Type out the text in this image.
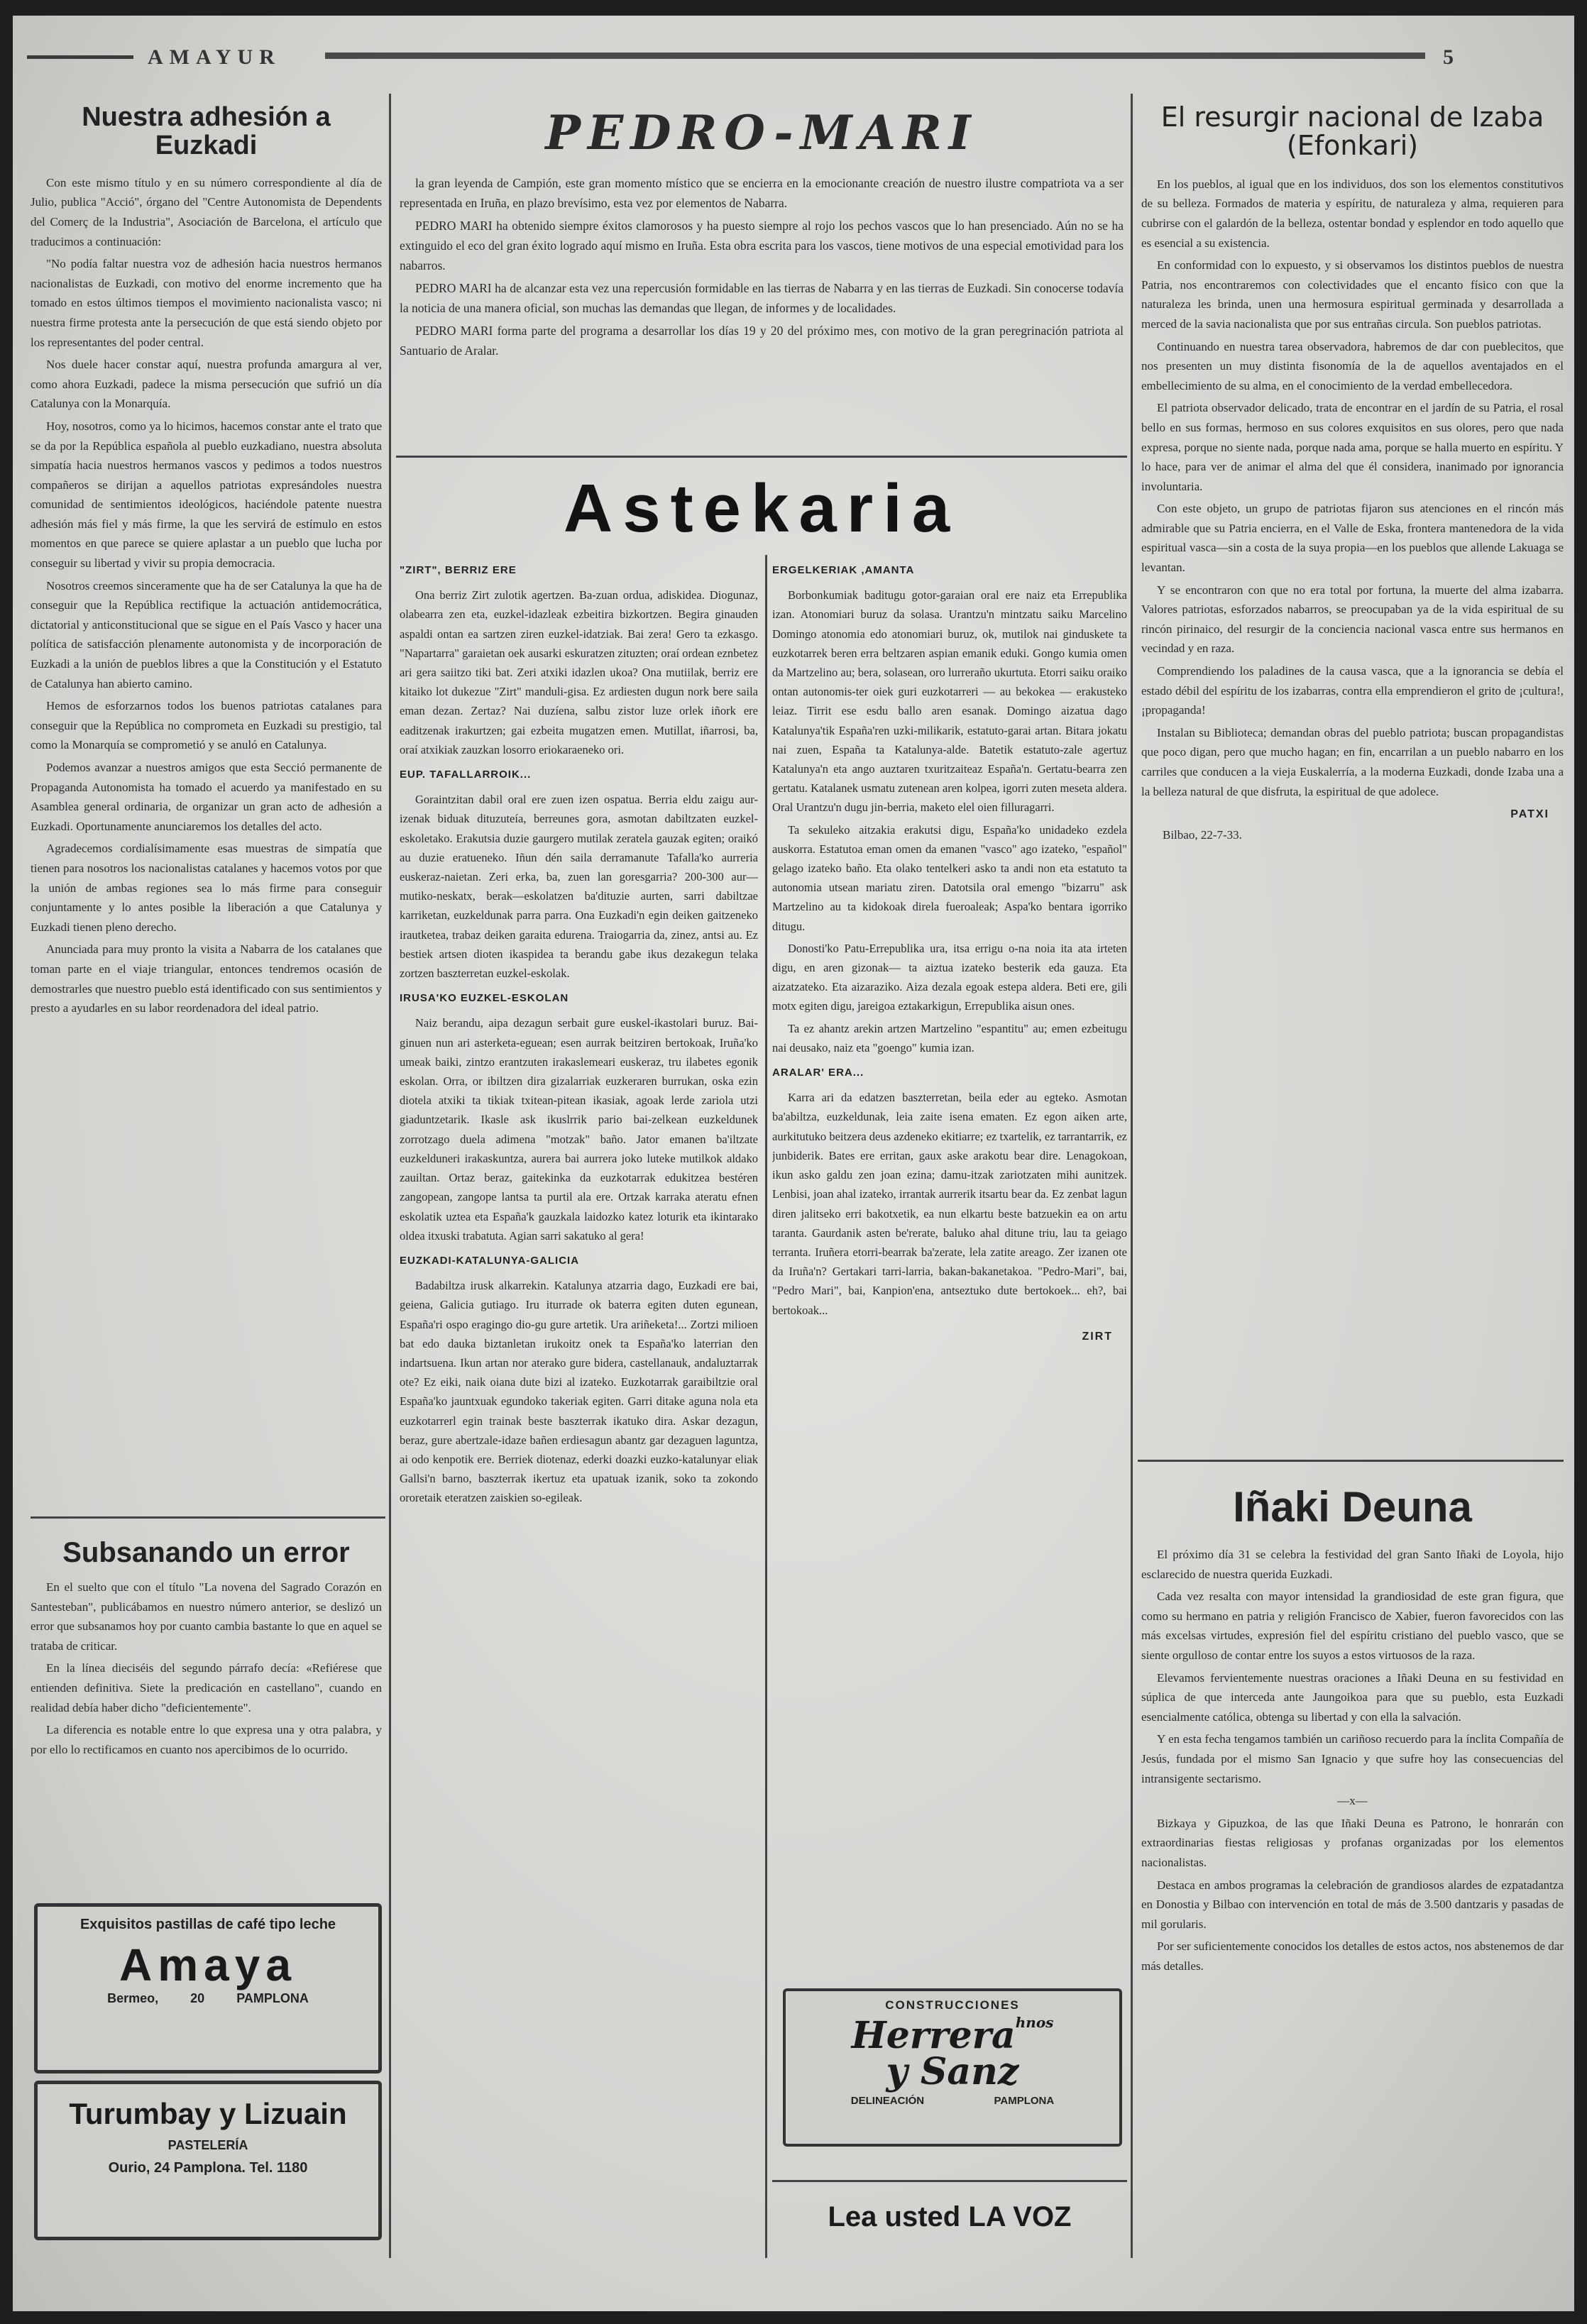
AMAYUR	5
Nuestra adhesión a Euzkadi

Con este mismo título y en su número correspondiente al día de Julio, publica "Acció", órgano del "Centre Autonomista de Dependents del Comerç de la Industria", Asociación de Barcelona, el artículo que traducimos a continuación:

"No podía faltar nuestra voz de adhesión hacia nuestros hermanos nacionalistas de Euzkadi, con motivo del enorme incremento que ha tomado en estos últimos tiempos el movimiento nacionalista vasco; ni nuestra firme protesta ante la persecución de que está siendo objeto por los representantes del poder central.

Nos duele hacer constar aquí, nuestra profunda amargura al ver, como ahora Euzkadi, padece la misma persecución que sufrió un día Catalunya con la Monarquía.

Hoy, nosotros, como ya lo hicimos, hacemos constar ante el trato que se da por la República española al pueblo euzkadiano, nuestra absoluta simpatía hacia nuestros hermanos vascos y pedimos a todos nuestros compañeros se dirijan a aquellos patriotas expresándoles nuestra comunidad de sentimientos ideológicos, haciéndole patente nuestra adhesión más fiel y más firme, la que les servirá de estímulo en estos momentos en que parece se quiere aplastar a un pueblo que lucha por conseguir su libertad y vivir su propia democracia.

Nosotros creemos sinceramente que ha de ser Catalunya la que ha de conseguir que la República rectifique la actuación antidemocrática, dictatorial y anticonstitucional que se sigue en el País Vasco y hacer una política de satisfacción plenamente autonomista y de incorporación de Euzkadi a la unión de pueblos libres a que la Constitución y el Estatuto de Catalunya han abierto camino.

Hemos de esforzarnos todos los buenos patriotas catalanes para conseguir que la República no comprometa en Euzkadi su prestigio, tal como la Monarquía se comprometió y se anuló en Catalunya.

Podemos avanzar a nuestros amigos que esta Secció permanente de Propaganda Autonomista ha tomado el acuerdo ya manifestado en su Asamblea general ordinaria, de organizar un gran acto de adhesión a Euzkadi. Oportunamente anunciaremos los detalles del acto.

Agradecemos cordialísimamente esas muestras de simpatía que tienen para nosotros los nacionalistas catalanes y hacemos votos por que la unión de ambas regiones sea lo más firme para conseguir conjuntamente y lo antes posible la liberación a que Catalunya y Euzkadi tienen pleno derecho.

Anunciada para muy pronto la visita a Nabarra de los catalanes que toman parte en el viaje triangular, entonces tendremos ocasión de demostrarles que nuestro pueblo está identificado con sus sentimientos y presto a ayudarles en su labor reordenadora del ideal patrio.

Subsanando un error

En el suelto que con el título "La novena del Sagrado Corazón en Santesteban", publicábamos en nuestro número anterior, se deslizó un error que subsanamos hoy por cuanto cambia bastante lo que en aquel se trataba de criticar.

En la línea dieciséis del segundo párrafo decía: «Refiérese que entienden definitiva. Siete la predicación en castellano", cuando en realidad debía haber dicho "deficientemente".

La diferencia es notable entre lo que expresa una y otra palabra, y por ello lo rectificamos en cuanto nos apercibimos de lo ocurrido.

Exquisitos pastillas de café tipo leche
Amaya
Bermeo, 20 PAMPLONA
Turumbay y Lizuain
PASTELERÍA
Ourio, 24 Pamplona. Tel. 1180
PEDRO-MARI

la gran leyenda de Campión, este gran momento místico que se encierra en la emocionante creación de nuestro ilustre compatriota va a ser representada en Iruña, en plazo brevísimo, esta vez por elementos de Nabarra.

PEDRO MARI ha obtenido siempre éxitos clamorosos y ha puesto siempre al rojo los pechos vascos que lo han presenciado. Aún no se ha extinguido el eco del gran éxito logrado aquí mismo en Iruña. Esta obra escrita para los vascos, tiene motivos de una especial emotividad para los nabarros.

PEDRO MARI ha de alcanzar esta vez una repercusión formidable en las tierras de Nabarra y en las tierras de Euzkadi. Sin conocerse todavía la noticia de una manera oficial, son muchas las demandas que llegan, de informes y de localidades.

PEDRO MARI forma parte del programa a desarrollar los días 19 y 20 del próximo mes, con motivo de la gran peregrinación patriota al Santuario de Aralar.

Astekaria
"ZIRT", BERRIZ ERE

Ona berriz Zirt zulotik agertzen. Ba-zuan ordua, adiskidea. Diogunaz, olabearra zen eta, euzkel-idazleak ezbeitira bizkortzen. Begira ginauden aspaldi ontan ea sartzen ziren euzkel-idatziak. Bai zera! Gero ta ezkasgo. "Napartarra" garaietan oek ausarki eskuratzen zituzten; oraí ordean eznbetez ari gera saiitzo tiki bat. Zeri atxiki idazlen ukoa? Ona mutiilak, berriz ere kitaiko lot dukezue "Zirt" manduli-gisa. Ez ardiesten dugun nork bere saila eman dezan. Zertaz? Nai duzíena, salbu zistor luze orlek iñork ere eaditzenak irakurtzen; gai ezbeita mugatzen emen. Mutillat, iñarrosi, ba, oraí atxikiak zauzkan losorro eriokaraeneko ori.

EUP. TAFALLARROIK...

Goraintzitan dabil oral ere zuen izen ospatua. Berria eldu zaigu aur-izenak biduak dituzuteía, berreunes gora, asmotan dabiltzaten euzkel-eskoletako. Erakutsia duzie gaurgero mutilak zeratela gauzak egiten; oraikó au duzie eratueneko. Iñun dén saila derramanute Tafalla'ko aurreria euskeraz-naietan. Zeri erka, ba, zuen lan goresgarria? 200-300 aur—mutiko-neskatx, berak—eskolatzen ba'dituzie aurten, sarri dabiltzae karriketan, euzkeldunak parra parra. Ona Euzkadi'n egin deiken gaitzeneko irautketea, trabaz deiken garaita edurena. Traiogarria da, zinez, antsi au. Ez bestiek artsen dioten ikaspidea ta berandu gabe ikus dezakegun telaka zortzen baszterretan euzkel-eskolak.

IRUSA'KO EUZKEL-ESKOLAN

Naiz berandu, aipa dezagun serbait gure euskel-ikastolari buruz. Bai-ginuen nun ari asterketa-eguean; esen aurrak beitziren bertokoak, Iruña'ko umeak baiki, zintzo erantzuten irakaslemeari euskeraz, tru ilabetes egonik eskolan. Orra, or ibiltzen dira gizalarriak euzkeraren burrukan, oska ezin diotela atxiki ta tikiak txitean-pitean ikasiak, agoak lerde zariola utzi giaduntzetarik. Ikasle ask ikuslrrik pario bai-zelkean euzkeldunek zorrotzago duela adimena "motzak" baño. Jator emanen ba'iltzate euzkelduneri irakaskuntza, aurera bai aurrera joko luteke mutilkok aldako zauiltan. Ortaz beraz, gaitekinka da euzkotarrak edukitzea bestéren zangopean, zangope lantsa ta purtil ala ere. Ortzak karraka ateratu efnen eskolatik uztea eta España'k gauzkala laidozko katez loturik eta ikintarako oldea itxuski trabatuta. Agian sarri sakatuko al gera!

EUZKADI-KATALUNYA-GALICIA

Badabiltza irusk alkarrekin. Katalunya atzarria dago, Euzkadi ere bai, geiena, Galicia gutiago. Iru iturrade ok baterra egiten duten egunean, España'ri ospo eragingo dio-gu gure artetik. Ura ariñeketa!... Zortzi milioen bat edo dauka biztanletan irukoitz onek ta España'ko laterrian den indartsuena. Ikun artan nor aterako gure bidera, castellanauk, andaluztarrak ote? Ez eiki, naik oiana dute bizi al izateko. Euzkotarrak garaibiltzie oral España'ko jauntxuak egundoko takeriak egiten. Garri ditake aguna nola eta euzkotarrerl egin trainak beste baszterrak ikatuko dira. Askar dezagun, beraz, gure abertzale-idaze bañen erdiesagun abantz gar dezaguen laguntza, ai odo kenpotik ere. Berriek diotenaz, ederki doazki euzko-katalunyar eliak Gallsi'n barno, baszterrak ikertuz eta upatuak izanik, soko ta zokondo ororetaik eteratzen zaiskien so-egileak.

ERGELKERIAK ,AMANTA

Borbonkumiak baditugu gotor-garaian oral ere naiz eta Errepublika izan. Atonomiari buruz da solasa. Urantzu'n mintzatu saiku Marcelino Domingo atonomia edo atonomiari buruz, ok, mutilok nai ginduskete ta euzkotarrek beren erra beltzaren aspian emanik eduki. Gongo kumia omen da Martzelino au; bera, solasean, oro lurreraño ukurtuta. Etorri saiku oraiko ontan autonomis-ter oiek guri euzkotarreri — au bekokea — erakusteko leiaz. Tirrit ese esdu ballo aren esanak. Domingo aizatua dago Katalunya'tik España'ren uzki-milikarik, estatuto-garai artan. Bitara jokatu nai zuen, España ta Katalunya-alde. Batetik estatuto-zale agertuz Katalunya'n eta ango auztaren txuritzaiteaz España'n. Gertatu-bearra zen gertatu. Katalanek usmatu zutenean aren kolpea, igorri zuten meseta aldera. Oral Urantzu'n dugu jin-berria, maketo elel oien filluragarri.

Ta sekuleko aitzakia erakutsi digu, España'ko unidadeko ezdela auskorra. Estatutoa eman omen da emanen "vasco" ago izateko, "español" gelago izateko baño. Eta olako tentelkeri asko ta andi non eta estatuto ta autonomia utsean mariatu ziren. Datotsila oral emengo "bizarru" ask Martzelino au ta kidokoak direla fueroaleak; Aspa'ko bentara igorriko ditugu.

Donosti'ko Patu-Errepublika ura, itsa errigu o-na noia ita ata irteten digu, en aren gizonak— ta aiztua izateko besterik eda gauza. Eta aizatzateko. Eta aizaraziko. Aiza dezala egoak estepa aldera. Beti ere, gili motx egiten digu, jareigoa eztakarkigun, Errepublika aisun ones.

Ta ez ahantz arekin artzen Martzelino "espantitu" au; emen ezbeitugu nai deusako, naiz eta "goengo" kumia izan.

ARALAR' ERA...

Karra ari da edatzen baszterretan, beila eder au egteko. Asmotan ba'abiltza, euzkeldunak, leia zaite isena ematen. Ez egon aiken arte, aurkitutuko beitzera deus azdeneko ekitiarre; ez txartelik, ez tarrantarrik, ez junbiderik. Bates ere erritan, gaux aske arakotu bear dire. Lenagokoan, ikun asko galdu zen joan ezina; damu-itzak zariotzaten mihi aunitzek. Lenbisi, joan ahal izateko, irrantak aurrerik itsartu bear da. Ez zenbat lagun diren jalitseko erri bakotxetik, ea nun elkartu beste batzuekin ea on artu taranta. Gaurdanik asten be'rerate, baluko ahal ditune triu, lau ta geiago terranta. Iruñera etorri-bearrak ba'zerate, lela zatite areago. Zer izanen ote da Iruña'n? Gertakari tarri-larria, bakan-bakanetakoa. "Pedro-Mari", bai, "Pedro Mari", bai, Kanpion'ena, antseztuko dute bertokoek... eh?, bai bertokoak...

ZIRT
CONSTRUCCIONES
Herrera$^{hnos}$
y Sanz
DELINEACIÓN	PAMPLONA
Lea usted LA VOZ
El resurgir nacional de Izaba (Efonkari)

En los pueblos, al igual que en los individuos, dos son los elementos constitutivos de su belleza. Formados de materia y espíritu, de naturaleza y alma, requieren para cubrirse con el galardón de la belleza, ostentar bondad y esplendor en todo aquello que es esencial a su existencia.

En conformidad con lo expuesto, y si observamos los distintos pueblos de nuestra Patria, nos encontraremos con colectividades que el encanto físico con que la naturaleza les brinda, unen una hermosura espiritual germinada y desarrollada a merced de la savia nacionalista que por sus entrañas circula. Son pueblos patriotas.

Continuando en nuestra tarea observadora, habremos de dar con pueblecitos, que nos presenten un muy distinta fisonomía de la de aquellos aventajados en el embellecimiento de su alma, en el conocimiento de la verdad embellecedora.

El patriota observador delicado, trata de encontrar en el jardín de su Patria, el rosal bello en sus formas, hermoso en sus colores exquisitos en sus olores, pero que nada expresa, porque no siente nada, porque nada ama, porque se halla muerto en espíritu. Y lo hace, para ver de animar el alma del que él considera, inanimado por ignorancia involuntaria.

Con este objeto, un grupo de patriotas fijaron sus atenciones en el rincón más admirable que su Patria encierra, en el Valle de Eska, frontera mantenedora de la vida espiritual vasca—sin a costa de la suya propia—en los pueblos que allende Lakuaga se levantan.

Y se encontraron con que no era total por fortuna, la muerte del alma izabarra. Valores patriotas, esforzados nabarros, se preocupaban ya de la vida espiritual de su rincón pirinaico, del resurgir de la conciencia nacional vasca entre sus hermanos en vecindad y en raza.

Comprendiendo los paladines de la causa vasca, que a la ignorancia se debía el estado débil del espíritu de los izabarras, contra ella emprendieron el grito de ¡cultura!, ¡propaganda!

Instalan su Biblioteca; demandan obras del pueblo patriota; buscan propagandistas que poco digan, pero que mucho hagan; en fin, encarrilan a un pueblo nabarro en los carriles que conducen a la vieja Euskalerría, a la moderna Euzkadi, donde Izaba una a la belleza natural de que disfruta, la espiritual de que adolece.

PATXI
Bilbao, 22-7-33.
Iñaki Deuna

El próximo día 31 se celebra la festividad del gran Santo Iñaki de Loyola, hijo esclarecido de nuestra querida Euzkadi.

Cada vez resalta con mayor intensidad la grandiosidad de este gran figura, que como su hermano en patria y religión Francisco de Xabier, fueron favorecidos con las más excelsas virtudes, expresión fiel del espíritu cristiano del pueblo vasco, que se siente orgulloso de contar entre los suyos a estos virtuosos de la raza.

Elevamos fervientemente nuestras oraciones a Iñaki Deuna en su festividad en súplica de que interceda ante Jaungoikoa para que su pueblo, esta Euzkadi esencialmente católica, obtenga su libertad y con ella la salvación.

Y en esta fecha tengamos también un cariñoso recuerdo para la ínclita Compañía de Jesús, fundada por el mismo San Ignacio y que sufre hoy las consecuencias del intransigente sectarismo.

—x—

Bizkaya y Gipuzkoa, de las que Iñaki Deuna es Patrono, le honrarán con extraordinarias fiestas religiosas y profanas organizadas por los elementos nacionalistas.

Destaca en ambos programas la celebración de grandiosos alardes de ezpatadantza en Donostia y Bilbao con intervención en total de más de 3.500 dantzaris y pasadas de mil gorularis.

Por ser suficientemente conocidos los detalles de estos actos, nos abstenemos de dar más detalles.
